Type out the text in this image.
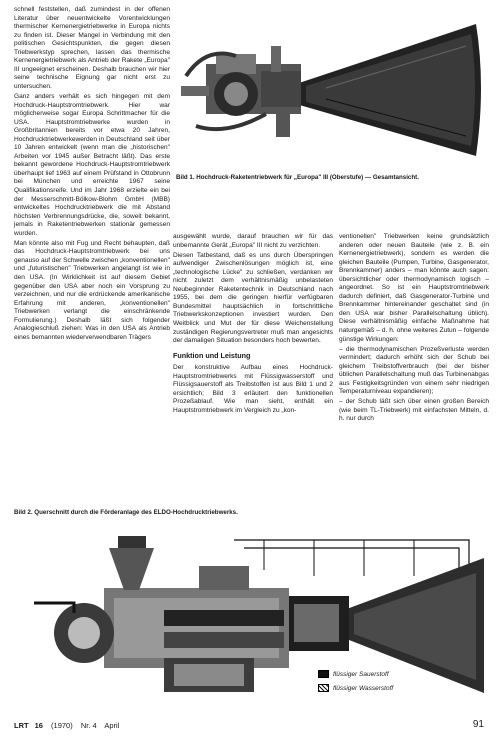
schnell feststellen, daß zumindest in der offenen Literatur über neuentwickelte Vorentwicklungen thermischer Kernenergietriebwerke in Europa nichts zu finden ist. Dieser Mangel in Verbindung mit den politischen Gesichtspunkten, die gegen diesen Triebwerkstyp sprechen, lassen das thermische Kernenergietriebwerk als Antrieb der Rakete „Europa" III ungeeignet erscheinen. Deshalb brauchen wir hier seine technische Eignung gar nicht erst zu untersuchen.

Ganz anders verhält es sich hingegen mit dem Hochdruck-Hauptstromtriebwerk. Hier war möglicherweise sogar Europa Schrittmacher für die USA. Hauptstromtriebwerke wurden in Großbritannien bereits vor etwa 20 Jahren, Hochdrucktriebwerkewerden in Deutschland seit über 10 Jahren entwickelt (wenn man die „historischen" Arbeiten vor 1945 außer Betracht läßt). Das erste bekannt gewordene Hochdruck-Hauptstromtriebwerk überhaupt lief 1963 auf einem Prüfstand in Ottobrunn bei München und erreichte 1967 seine Qualifikationsreife. Und im Jahr 1968 erzielte ein bei der Messerschmitt-Bölkow-Blohm GmbH (MBB) entwickeltes Hochdrucktriebwerk die mit Abstand höchsten Verbrennungsdrücke, die, soweit bekannt, jemals in Raketentriebwerken stationär gemessen wurden.

Man könnte also mit Fug und Recht behaupten, daß das Hochdruck-Hauptstromtriebwerk bei uns genauso auf der Schwelle zwischen „konventionellen" und „futuristischen" Triebwerken angelangt ist wie in den USA. (In Wirklichkeit ist auf diesem Gebiet gegenüber den USA aber noch ein Vorsprung zu verzeichnen, und nur die erdrückende amerikanische Erfahrung mit anderen, „konventionellen" Triebwerken verlangt die einschränkende Formulierung.) Deshalb läßt sich folgender Analogieschluß ziehen: Was in den USA als Antrieb eines bemannten wiederverwendbaren Trägers

Bild 1. Hochdruck-Raketentriebwerk für „Europa" III (Oberstufe) — Gesamtansicht.

ausgewählt wurde, darauf brauchen wir für das unbemannte Gerät „Europa" III nicht zu verzichten.

Diesen Tatbestand, daß es uns durch Überspringen aufwendiger Zwischenlösungen möglich ist, eine „technologische Lücke" zu schließen, verdanken wir nicht zuletzt dem verhältnismäßig unbelasteten Neubeginnder Raketentechnik in Deutschland nach 1955, bei dem die geringen hierfür verfügbaren Bundesmittel hauptsächlich in fortschrittliche Triebwerkskonzeptionen investiert wurden. Den Weitblick und Mut der für diese Weichenstellung zuständigen Regierungsvertreter muß man angesichts der damaligen Situation besonders hoch bewerten.

Funktion und Leistung

Der konstruktive Aufbau eines Hochdruck-Hauptstromtriebwerks mit Flüssigwasserstoff und Flüssigsauerstoff als Treibstoffen ist aus Bild 1 und 2 ersichtlich; Bild 3 erläutert den funktionellen Prozeßablauf. Wie man sieht, enthält ein Hauptstromtriebwerk im Vergleich zu „kon-

ventionellen" Triebwerken keine grundsätzlich anderen oder neuen Bauteile (wie z. B. ein Kernenergietriebwerk), sondern es werden die gleichen Bauteile (Pumpen, Turbine, Gasgenerator, Brennkammer) anders – man könnte auch sagen: übersichtlicher oder thermodynamisch logisch – angeordnet. So ist ein Hauptstromtriebwerk dadurch definiert, daß Gasgenerator-Turbine und Brennkammer hintereinander geschaltet sind (in den USA war bisher Parallelschaltung üblich). Diese verhältnismäßig einfache Maßnahme hat naturgemäß – d. h. ohne weiteres Zutun – folgende günstige Wirkungen:

– die thermodynamischen Prozeßverluste werden vermindert; dadurch erhöht sich der Schub bei gleichem Treibstoffverbrauch (bei der bisher üblichen Parallelschaltung muß das Turbinenabgas aus Festigkeitsgründen von einem sehr niedrigen Temperaturniveau expandieren);

– der Schub läßt sich über einen großen Bereich (wie beim TL-Triebwerk) mit einfachsten Mitteln, d. h. nur durch

Bild 2. Querschnitt durch die Förderanlage des ELDO-Hochdrucktriebwerks.
flüssiger Sauerstoff
flüssiger Wasserstoff
LRT 16 (1970) Nr. 4 April	91
